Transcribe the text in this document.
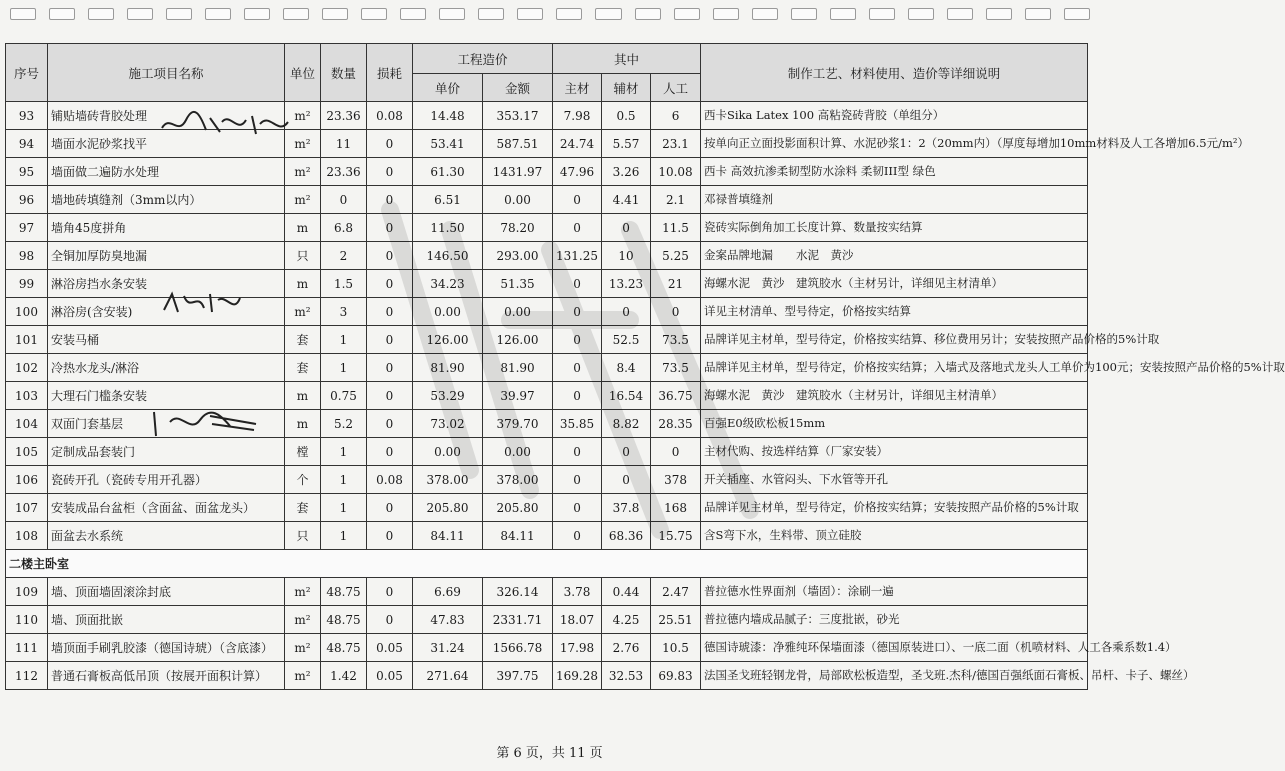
序号	施工项目名称	单位	数量	损耗	工程造价		其中			制作工艺、材料使用、造价等详细说明
					单价	金额	主材	辅材	人工	
93	铺贴墙砖背胶处理	m²	23.36	0.08	14.48	353.17	7.98	0.5	6	西卡Sika Latex 100 高粘瓷砖背胶（单组分）
94	墙面水泥砂浆找平	m²	11	0	53.41	587.51	24.74	5.57	23.1	按单向正立面投影面积计算、水泥砂浆1：2（20mm内）（厚度每增加10mm材料及人工各增加6.5元/m²）
95	墙面做二遍防水处理	m²	23.36	0	61.30	1431.97	47.96	3.26	10.08	西卡 高效抗渗柔韧型防水涂料 柔韧III型 绿色
96	墙地砖填缝剂（3mm以内）	m²	0	0	6.51	0.00	0	4.41	2.1	邓禄普填缝剂
97	墙角45度拼角	m	6.8	0	11.50	78.20	0	0	11.5	瓷砖实际倒角加工长度计算、数量按实结算
98	全铜加厚防臭地漏	只	2	0	146.50	293.00	131.25	10	5.25	金案品牌地漏　　水泥　黄沙
99	淋浴房挡水条安装	m	1.5	0	34.23	51.35	0	13.23	21	海螺水泥　黄沙　建筑胶水（主材另计，详细见主材清单）
100	淋浴房(含安装)	m²	3	0	0.00	0.00	0	0	0	详见主材清单、型号待定，价格按实结算
101	安装马桶	套	1	0	126.00	126.00	0	52.5	73.5	品牌详见主材单，型号待定，价格按实结算、移位费用另计；安装按照产品价格的5%计取
102	冷热水龙头/淋浴	套	1	0	81.90	81.90	0	8.4	73.5	品牌详见主材单，型号待定，价格按实结算；入墙式及落地式龙头人工单价为100元；安装按照产品价格的5%计取
103	大理石门槛条安装	m	0.75	0	53.29	39.97	0	16.54	36.75	海螺水泥　黄沙　建筑胶水（主材另计，详细见主材清单）
104	双面门套基层	m	5.2	0	73.02	379.70	35.85	8.82	28.35	百强E0级欧松板15mm
105	定制成品套装门	樘	1	0	0.00	0.00	0	0	0	主材代购、按选样结算（厂家安装）
106	瓷砖开孔（瓷砖专用开孔器）	个	1	0.08	378.00	378.00	0	0	378	开关插座、水管闷头、下水管等开孔
107	安装成品台盆柜（含面盆、面盆龙头）	套	1	0	205.80	205.80	0	37.8	168	品牌详见主材单，型号待定，价格按实结算；安装按照产品价格的5%计取
108	面盆去水系统	只	1	0	84.11	84.11	0	68.36	15.75	含S弯下水，生料带、顶立硅胶
二楼主卧室										
109	墙、顶面墙固滚涂封底	m²	48.75	0	6.69	326.14	3.78	0.44	2.47	普拉德水性界面剂（墙固）：涂刷一遍
110	墙、顶面批嵌	m²	48.75	0	47.83	2331.71	18.07	4.25	25.51	普拉德内墙成品腻子：三度批嵌，砂光
111	墙顶面手刷乳胶漆（德国诗琥）（含底漆）	m²	48.75	0.05	31.24	1566.78	17.98	2.76	10.5	德国诗琥漆：净雅纯环保墙面漆（德国原装进口）、一底二面（机喷材料、人工各乘系数1.4）
112	普通石膏板高低吊顶（按展开面积计算）	m²	1.42	0.05	271.64	397.75	169.28	32.53	69.83	法国圣戈班轻钢龙骨，局部欧松板造型，圣戈班.杰科/德国百强纸面石膏板、吊杆、卡子、螺丝）
第 6 页，共 11 页
